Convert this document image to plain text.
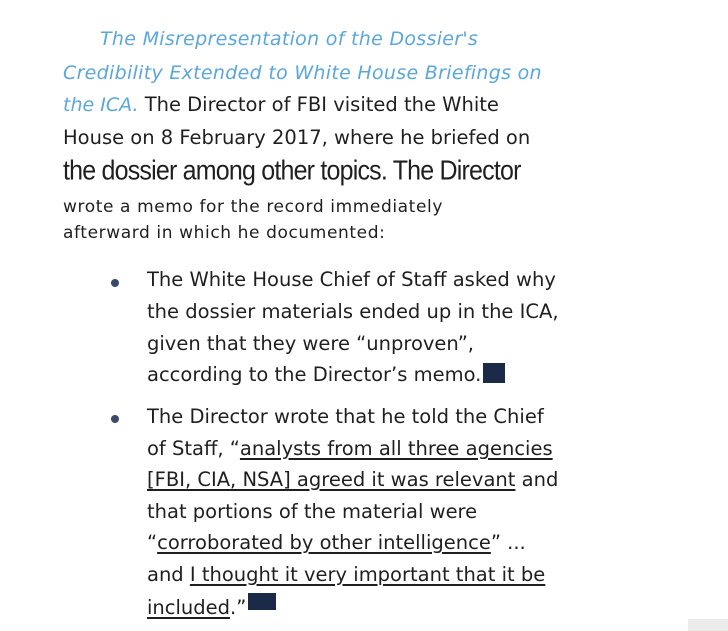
The Misrepresentation of the Dossier's
Credibility Extended to White House Briefings on
the ICA. The Director of FBI visited the White
House on 8 February 2017, where he briefed on
the dossier among other topics. The Director
wrote a memo for the record immediately
afterward in which he documented:
The White House Chief of Staff asked why
the dossier materials ended up in the ICA,
given that they were “unproven”,
according to the Director’s memo.
The Director wrote that he told the Chief
of Staff, “analysts from all three agencies
[FBI, CIA, NSA] agreed it was relevant and
that portions of the material were
“corroborated by other intelligence” ...
and I thought it very important that it be
included.”
